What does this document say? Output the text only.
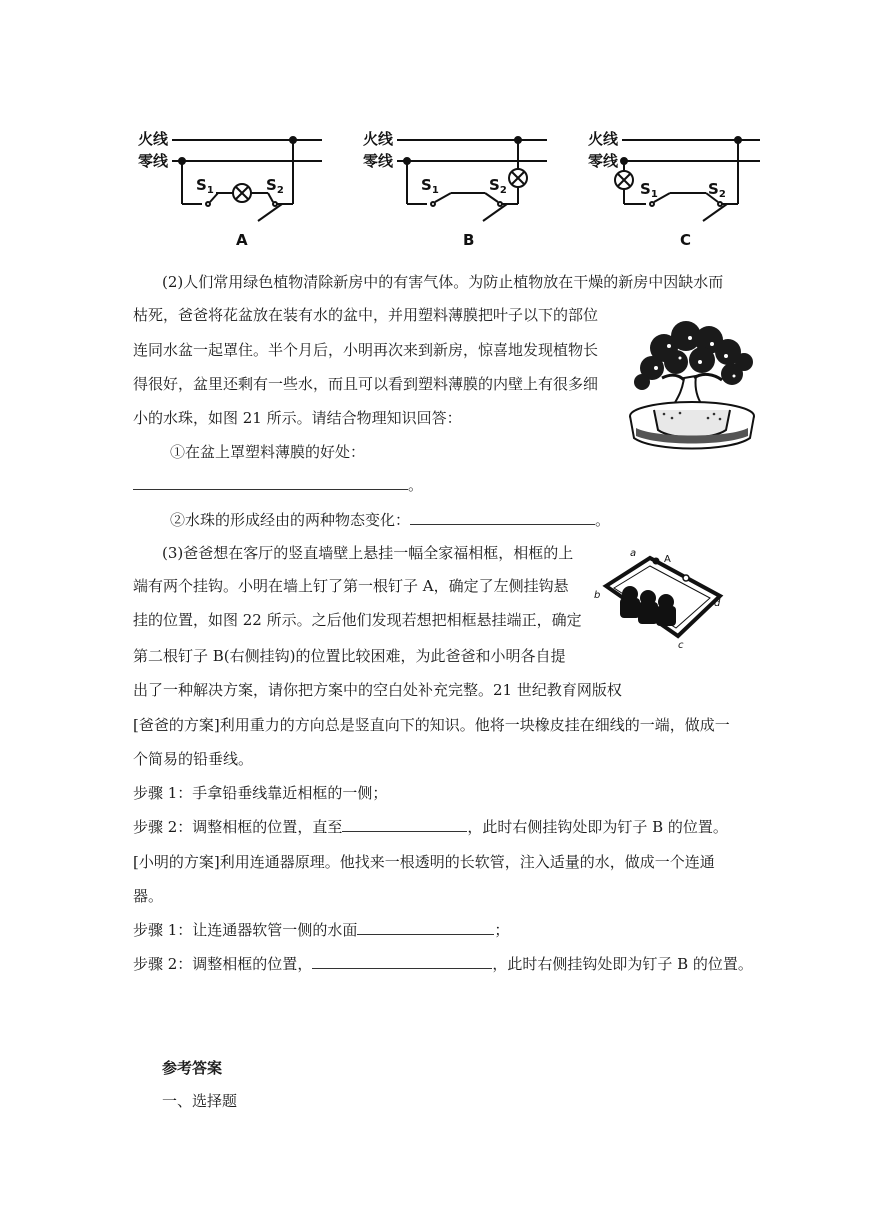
火线
零线
$S_1$	$S_2$
A
火线
零线
$S_1$	$S_2$
B
火线
零线
$S_1$	$S_2$
C
(2)人们常用绿色植物清除新房中的有害气体。为防止植物放在干燥的新房中因缺水而
枯死，爸爸将花盆放在装有水的盆中，并用塑料薄膜把叶子以下的部位
连同水盆一起罩住。半个月后，小明再次来到新房，惊喜地发现植物长
得很好，盆里还剩有一些水，而且可以看到塑料薄膜的内壁上有很多细
小的水珠，如图 21 所示。请结合物理知识回答：
①在盆上罩塑料薄膜的好处：
。
②水珠的形成经由的两种物态变化：	。
(3)爸爸想在客厅的竖直墙壁上悬挂一幅全家福相框，相框的上
端有两个挂钩。小明在墙上钉了第一根钉子 A，确定了左侧挂钩悬
挂的位置，如图 22 所示。之后他们发现若想把相框悬挂端正，确定
第二根钉子 B(右侧挂钩)的位置比较困难，为此爸爸和小明各自提
出了一种解决方案，请你把方案中的空白处补充完整。21 世纪教育网版权
a
A
b
d
c
[爸爸的方案]利用重力的方向总是竖直向下的知识。他将一块橡皮挂在细线的一端，做成一
个简易的铅垂线。
步骤 1：手拿铅垂线靠近相框的一侧；
步骤 2：调整相框的位置，直至	，此时右侧挂钩处即为钉子 B 的位置。
[小明的方案]利用连通器原理。他找来一根透明的长软管，注入适量的水，做成一个连通
器。
步骤 1：让连通器软管一侧的水面	；
步骤 2：调整相框的位置，	，此时右侧挂钩处即为钉子 B 的位置。
参考答案
一、选择题
